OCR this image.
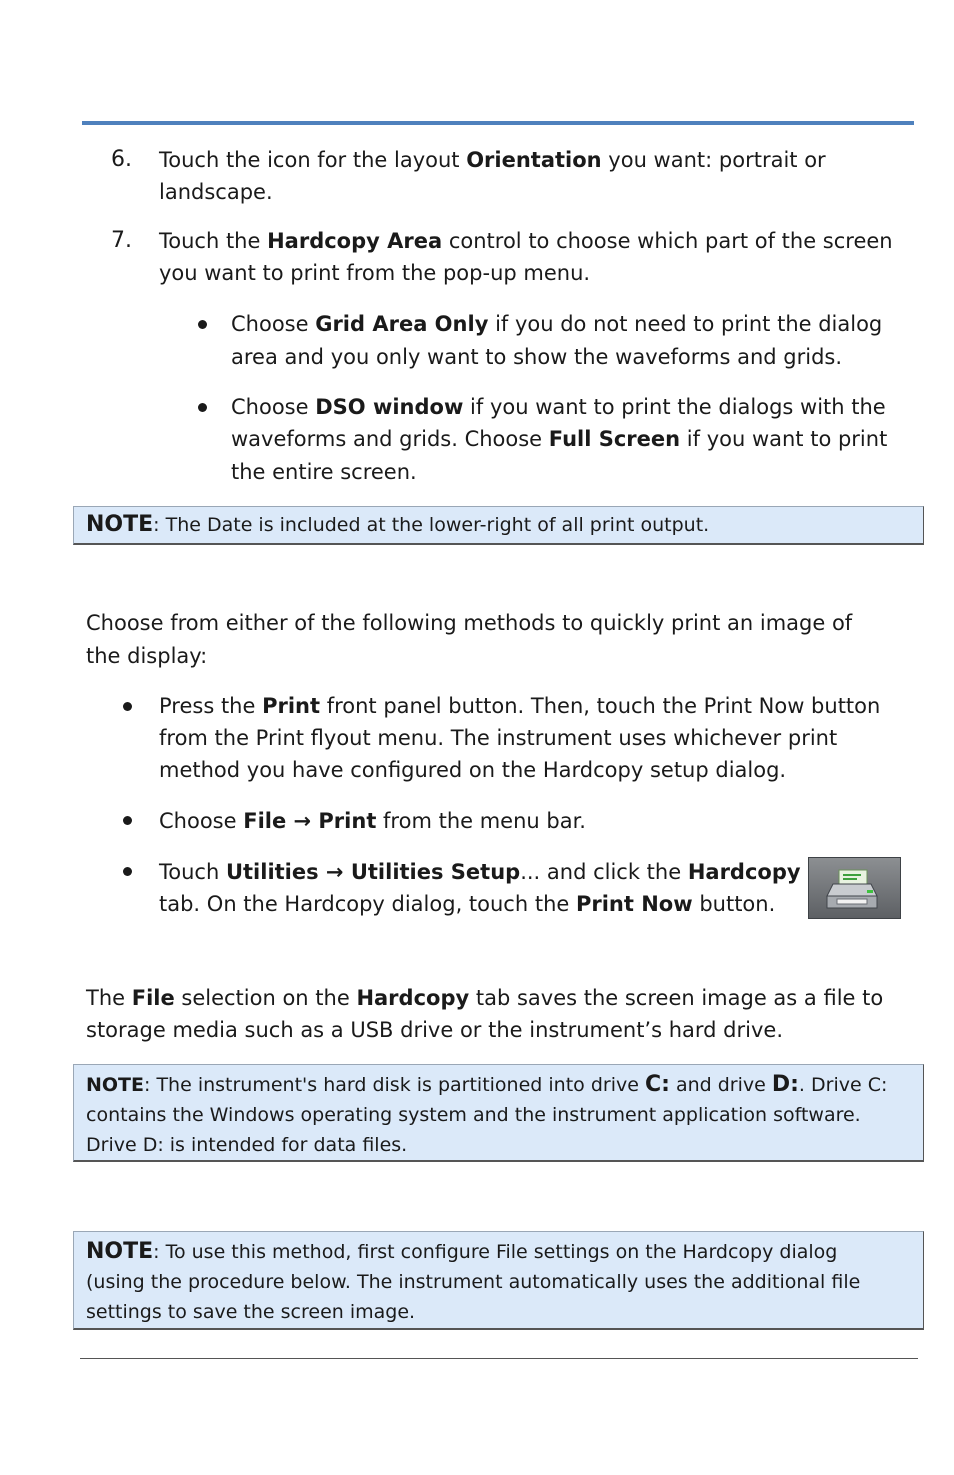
6. Touch the icon for the layout Orientation you want: portrait or
landscape.
7. Touch the Hardcopy Area control to choose which part of the screen
you want to print from the pop-up menu.
Choose Grid Area Only if you do not need to print the dialog
area and you only want to show the waveforms and grids.
Choose DSO window if you want to print the dialogs with the
waveforms and grids. Choose Full Screen if you want to print
the entire screen.
NOTE: The Date is included at the lower-right of all print output.
Choose from either of the following methods to quickly print an image of
the display:
Press the Print front panel button. Then, touch the Print Now button
from the Print flyout menu. The instrument uses whichever print
method you have configured on the Hardcopy setup dialog.
Choose File → Print from the menu bar.
Touch Utilities → Utilities Setup... and click the Hardcopy
tab. On the Hardcopy dialog, touch the Print Now button.
The File selection on the Hardcopy tab saves the screen image as a file to
storage media such as a USB drive or the instrument’s hard drive.
NOTE: The instrument's hard disk is partitioned into drive C: and drive D:. Drive C:
contains the Windows operating system and the instrument application software.
Drive D: is intended for data files.
NOTE: To use this method, first configure File settings on the Hardcopy dialog
(using the procedure below. The instrument automatically uses the additional file
settings to save the screen image.
